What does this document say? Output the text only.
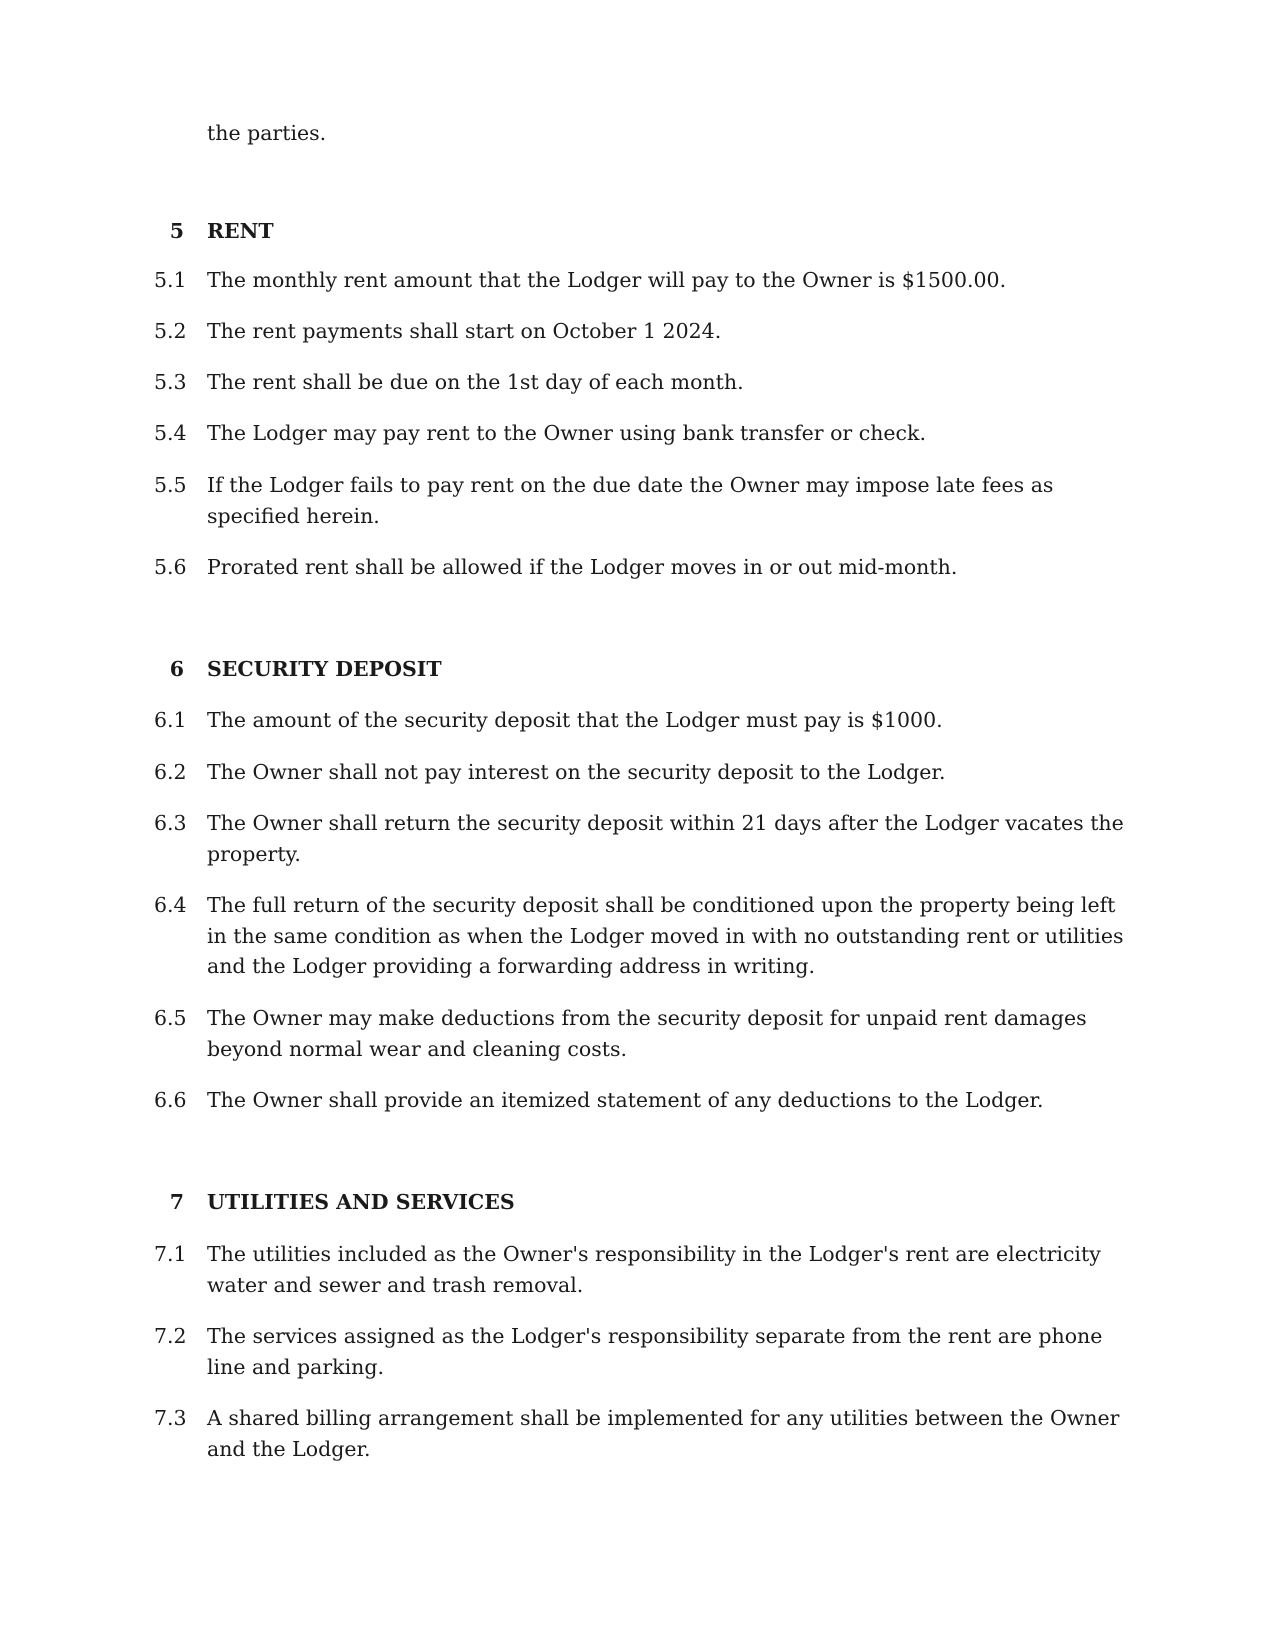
the parties.

5 RENT
5.1 The monthly rent amount that the Lodger will pay to the Owner is $1500.00.
5.2 The rent payments shall start on October 1 2024.
5.3 The rent shall be due on the 1st day of each month.
5.4 The Lodger may pay rent to the Owner using bank transfer or check.
5.5 If the Lodger fails to pay rent on the due date the Owner may impose late fees as specified herein.
5.6 Prorated rent shall be allowed if the Lodger moves in or out mid-month.
6 SECURITY DEPOSIT
6.1 The amount of the security deposit that the Lodger must pay is $1000.
6.2 The Owner shall not pay interest on the security deposit to the Lodger.
6.3 The Owner shall return the security deposit within 21 days after the Lodger vacates the property.
6.4 The full return of the security deposit shall be conditioned upon the property being left in the same condition as when the Lodger moved in with no outstanding rent or utilities and the Lodger providing a forwarding address in writing.
6.5 The Owner may make deductions from the security deposit for unpaid rent damages beyond normal wear and cleaning costs.
6.6 The Owner shall provide an itemized statement of any deductions to the Lodger.
7 UTILITIES AND SERVICES
7.1 The utilities included as the Owner's responsibility in the Lodger's rent are electricity water and sewer and trash removal.
7.2 The services assigned as the Lodger's responsibility separate from the rent are phone line and parking.
7.3 A shared billing arrangement shall be implemented for any utilities between the Owner and the Lodger.
